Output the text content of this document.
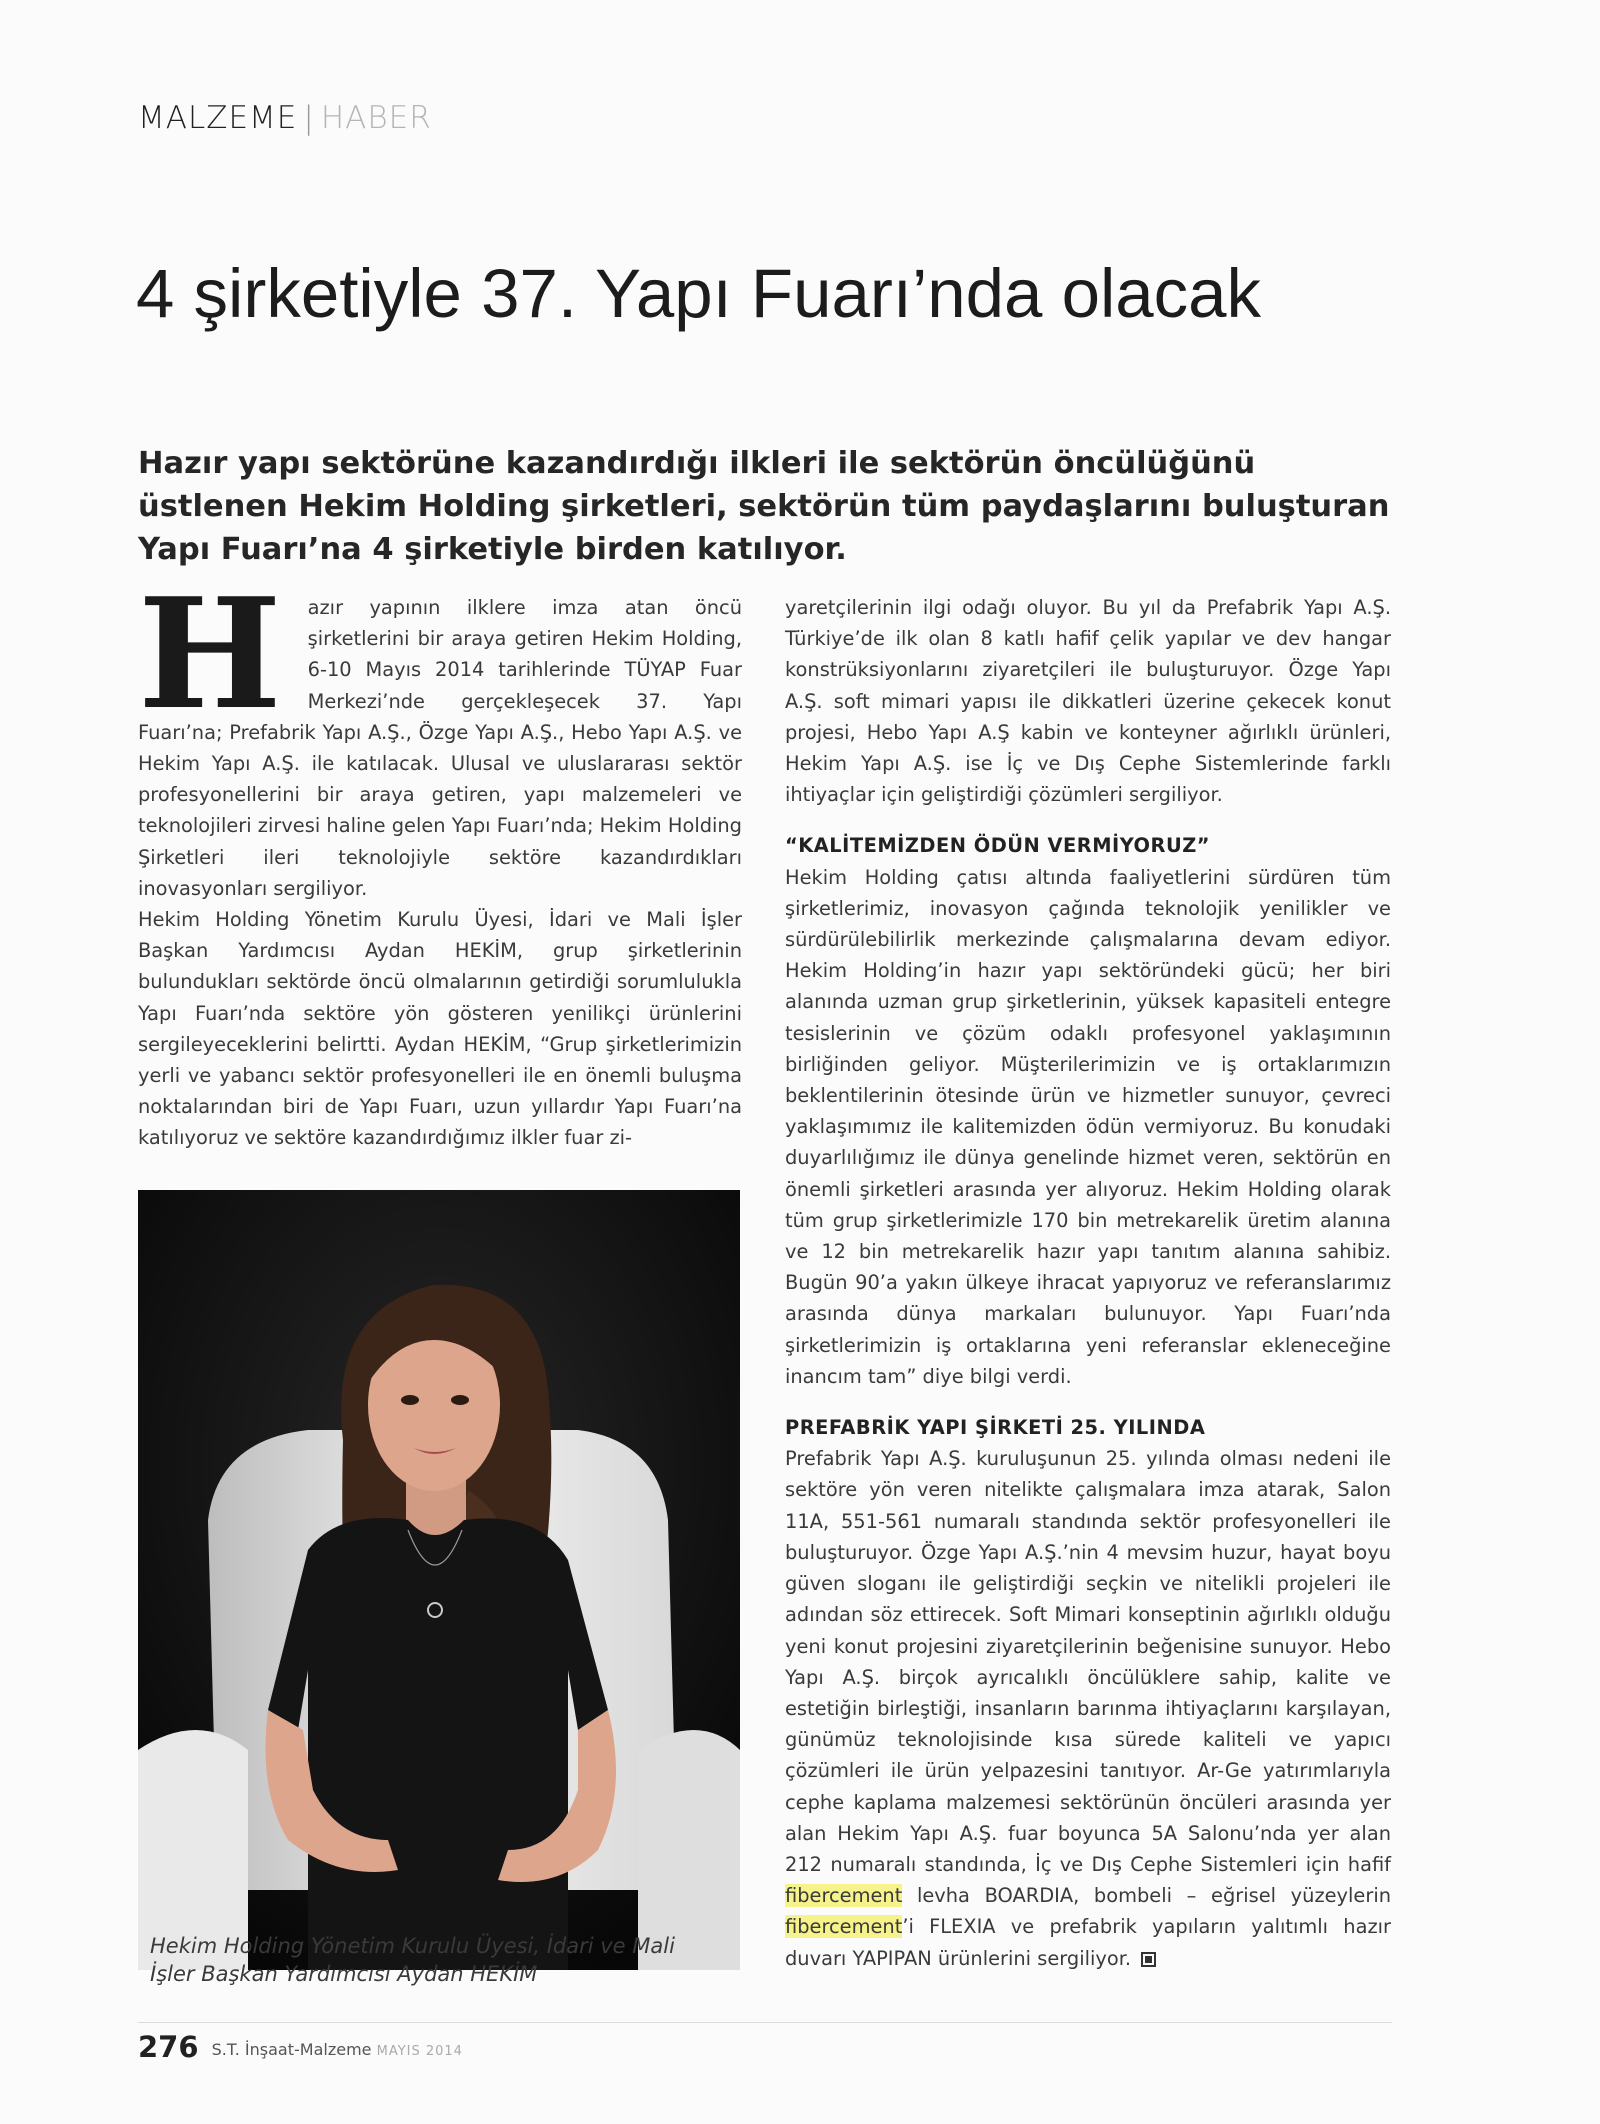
MALZEME | HABER
4 şirketiyle 37. Yapı Fuarı’nda olacak

Hazır yapı sektörüne kazandırdığı ilkleri ile sektörün öncülüğünü üstlenen Hekim Holding şirketleri, sektörün tüm paydaşlarını buluşturan Yapı Fuarı’na 4 şirketiyle birden katılıyor.

H azır yapının ilklere imza atan öncü şirketlerini bir araya getiren Hekim Holding, 6-10 Mayıs 2014 tarihlerinde TÜYAP Fuar Merkezi’nde gerçekleşecek 37. Yapı Fuarı’na; Prefabrik Yapı A.Ş., Özge Yapı A.Ş., Hebo Yapı A.Ş. ve Hekim Yapı A.Ş. ile katılacak. Ulusal ve uluslararası sektör profesyonellerini bir araya getiren, yapı malzemeleri ve teknolojileri zirvesi haline gelen Yapı Fuarı’nda; Hekim Holding Şirketleri ileri teknolojiyle sektöre kazandırdıkları inovasyonları sergiliyor.

Hekim Holding Yönetim Kurulu Üyesi, İdari ve Mali İşler Başkan Yardımcısı Aydan HEKİM, grup şirketlerinin bulundukları sektörde öncü olmalarının getirdiği sorumlulukla Yapı Fuarı’nda sektöre yön gösteren yenilikçi ürünlerini sergileyeceklerini belirtti. Aydan HEKİM, “Grup şirketlerimizin yerli ve yabancı sektör profesyonelleri ile en önemli buluşma noktalarından biri de Yapı Fuarı, uzun yıllardır Yapı Fuarı’na katılıyoruz ve sektöre kazandırdığımız ilkler fuar zi-

Hekim Holding Yönetim Kurulu Üyesi, İdari ve Mali İşler Başkan Yardımcısı Aydan HEKİM

yaretçilerinin ilgi odağı oluyor. Bu yıl da Prefabrik Yapı A.Ş. Türkiye’de ilk olan 8 katlı hafif çelik yapılar ve dev hangar konstrüksiyonlarını ziyaretçileri ile buluşturuyor. Özge Yapı A.Ş. soft mimari yapısı ile dikkatleri üzerine çekecek konut projesi, Hebo Yapı A.Ş kabin ve konteyner ağırlıklı ürünleri, Hekim Yapı A.Ş. ise İç ve Dış Cephe Sistemlerinde farklı ihtiyaçlar için geliştirdiği çözümleri sergiliyor.

“KALİTEMİZDEN ÖDÜN VERMİYORUZ”

Hekim Holding çatısı altında faaliyetlerini sürdüren tüm şirketlerimiz, inovasyon çağında teknolojik yenilikler ve sürdürülebilirlik merkezinde çalışmalarına devam ediyor. Hekim Holding’in hazır yapı sektöründeki gücü; her biri alanında uzman grup şirketlerinin, yüksek kapasiteli entegre tesislerinin ve çözüm odaklı profesyonel yaklaşımının birliğinden geliyor. Müşterilerimizin ve iş ortaklarımızın beklentilerinin ötesinde ürün ve hizmetler sunuyor, çevreci yaklaşımımız ile kalitemizden ödün vermiyoruz. Bu konudaki duyarlılığımız ile dünya genelinde hizmet veren, sektörün en önemli şirketleri arasında yer alıyoruz. Hekim Holding olarak tüm grup şirketlerimizle 170 bin metrekarelik üretim alanına ve 12 bin metrekarelik hazır yapı tanıtım alanına sahibiz. Bugün 90’a yakın ülkeye ihracat yapıyoruz ve referanslarımız arasında dünya markaları bulunuyor. Yapı Fuarı’nda şirketlerimizin iş ortaklarına yeni referanslar ekleneceğine inancım tam” diye bilgi verdi.

PREFABRİK YAPI ŞİRKETİ 25. YILINDA

Prefabrik Yapı A.Ş. kuruluşunun 25. yılında olması nedeni ile sektöre yön veren nitelikte çalışmalara imza atarak, Salon 11A, 551-561 numaralı standında sektör profesyonelleri ile buluşturuyor. Özge Yapı A.Ş.’nin 4 mevsim huzur, hayat boyu güven sloganı ile geliştirdiği seçkin ve nitelikli projeleri ile adından söz ettirecek. Soft Mimari konseptinin ağırlıklı olduğu yeni konut projesini ziyaretçilerinin beğenisine sunuyor. Hebo Yapı A.Ş. birçok ayrıcalıklı öncülüklere sahip, kalite ve estetiğin birleştiği, insanların barınma ihtiyaçlarını karşılayan, günümüz teknolojisinde kısa sürede kaliteli ve yapıcı çözümleri ile ürün yelpazesini tanıtıyor. Ar-Ge yatırımlarıyla cephe kaplama malzemesi sektörünün öncüleri arasında yer alan Hekim Yapı A.Ş. fuar boyunca 5A Salonu’nda yer alan 212 numaralı standında, İç ve Dış Cephe Sistemleri için hafif fibercement levha BOARDIA, bombeli – eğrisel yüzeylerin fibercement’i FLEXIA ve prefabrik yapıların yalıtımlı hazır duvarı YAPIPAN ürünlerini sergiliyor.

276 S.T. İnşaat-Malzeme MAYIS 2014
